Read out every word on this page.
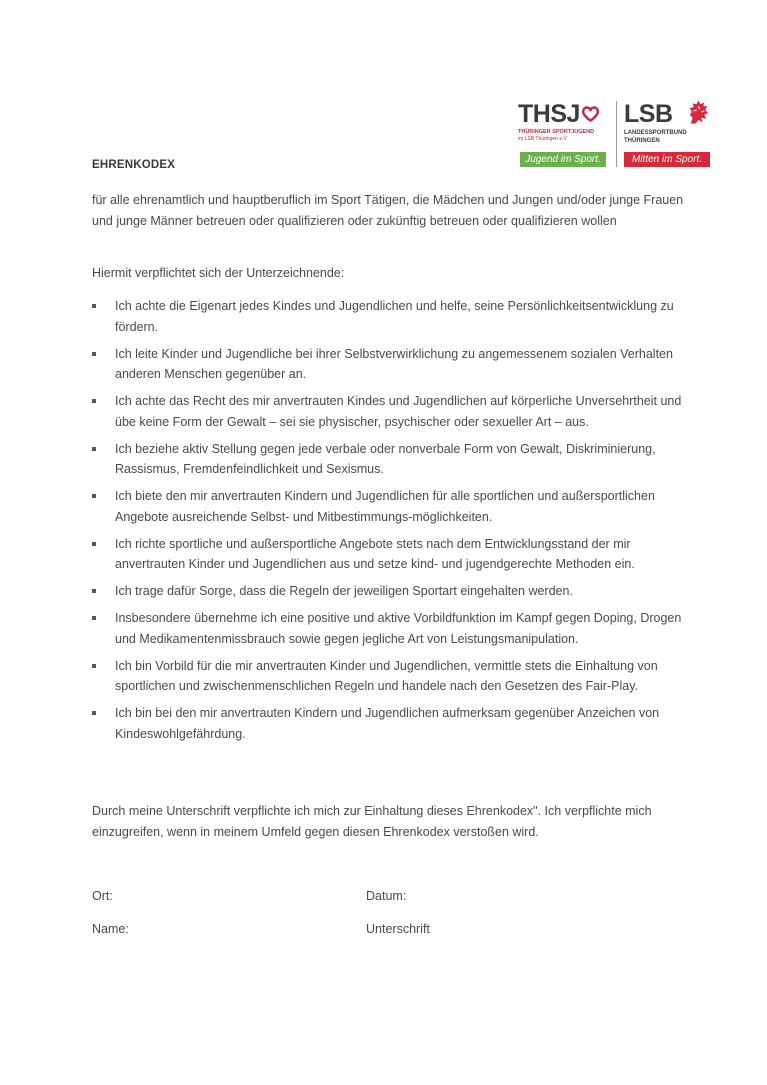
THSJ
THÜRINGER SPORTJUGEND
im LSB Thüringen e.V.
Jugend im Sport.
LSB
LANDESSPORTBUND
THÜRINGEN
Mitten im Sport.
EHRENKODEX
für alle ehrenamtlich und hauptberuflich im Sport Tätigen, die Mädchen und Jungen und/oder junge Frauen und junge Männer betreuen oder qualifizieren oder zukünftig betreuen oder qualifizieren wollen
Hiermit verpflichtet sich der Unterzeichnende:
Ich achte die Eigenart jedes Kindes und Jugendlichen und helfe, seine Persönlichkeitsentwicklung zu fördern.
Ich leite Kinder und Jugendliche bei ihrer Selbstverwirklichung zu angemessenem sozialen Verhalten anderen Menschen gegenüber an.
Ich achte das Recht des mir anvertrauten Kindes und Jugendlichen auf körperliche Unversehrtheit und übe keine Form der Gewalt – sei sie physischer, psychischer oder sexueller Art – aus.
Ich beziehe aktiv Stellung gegen jede verbale oder nonverbale Form von Gewalt, Diskriminierung, Rassismus, Fremdenfeindlichkeit und Sexismus.
Ich biete den mir anvertrauten Kindern und Jugendlichen für alle sportlichen und außersportlichen Angebote ausreichende Selbst- und Mitbestimmungs-möglichkeiten.
Ich richte sportliche und außersportliche Angebote stets nach dem Entwicklungsstand der mir anvertrauten Kinder und Jugendlichen aus und setze kind- und jugendgerechte Methoden ein.
Ich trage dafür Sorge, dass die Regeln der jeweiligen Sportart eingehalten werden.
Insbesondere übernehme ich eine positive und aktive Vorbildfunktion im Kampf gegen Doping, Drogen und Medikamentenmissbrauch sowie gegen jegliche Art von Leistungsmanipulation.
Ich bin Vorbild für die mir anvertrauten Kinder und Jugendlichen, vermittle stets die Einhaltung von sportlichen und zwischenmenschlichen Regeln und handele nach den Gesetzen des Fair-Play.
Ich bin bei den mir anvertrauten Kindern und Jugendlichen aufmerksam gegenüber Anzeichen von Kindeswohlgefährdung.
Durch meine Unterschrift verpflichte ich mich zur Einhaltung dieses Ehrenkodex". Ich verpflichte mich einzugreifen, wenn in meinem Umfeld gegen diesen Ehrenkodex verstoßen wird.
Ort:	Datum:
Name:	Unterschrift
